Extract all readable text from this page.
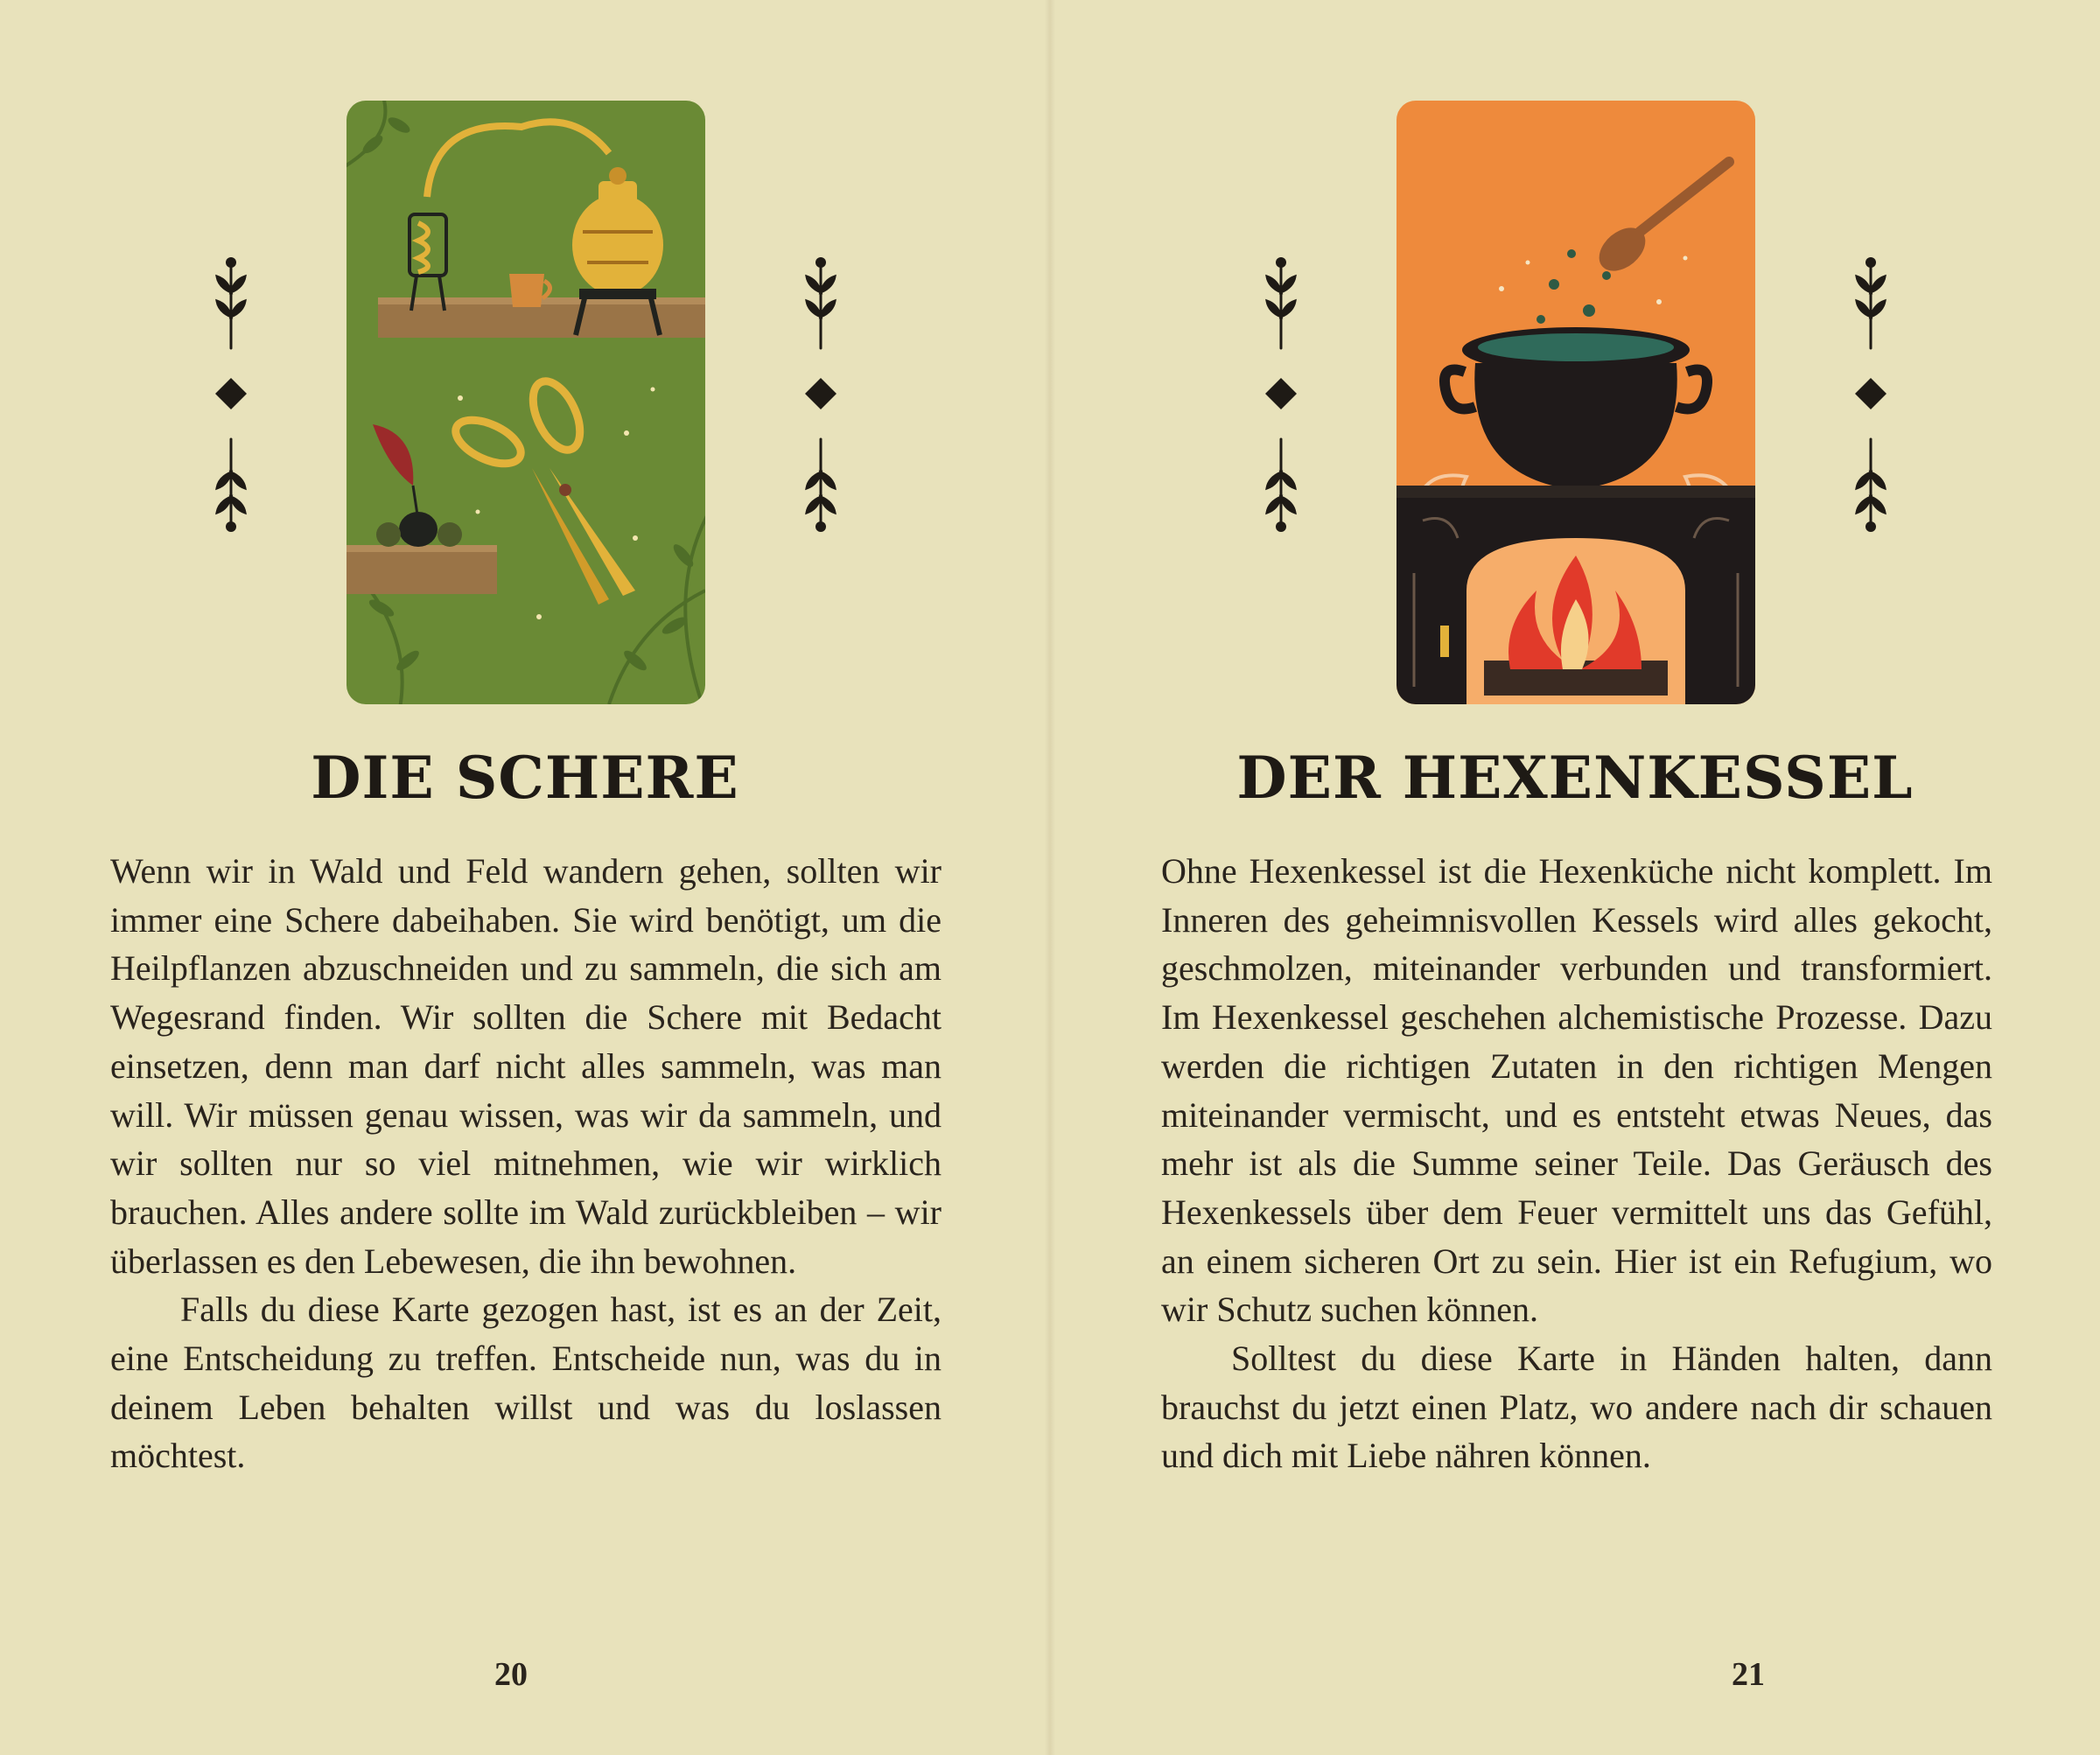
DIE SCHERE

Wenn wir in Wald und Feld wandern gehen, sollten wir immer eine Schere dabeihaben. Sie wird benötigt, um die Heilpflanzen abzuschneiden und zu sammeln, die sich am Wegesrand finden. Wir sollten die Schere mit Bedacht einsetzen, denn man darf nicht alles sammeln, was man will. Wir müssen genau wissen, was wir da sammeln, und wir sollten nur so viel mitnehmen, wie wir wirklich brauchen. Alles andere sollte im Wald zurückbleiben – wir überlassen es den Lebewesen, die ihn bewohnen.

Falls du diese Karte gezogen hast, ist es an der Zeit, eine Entscheidung zu treffen. Entscheide nun, was du in deinem Leben behalten willst und was du loslassen möchtest.

20
DER HEXENKESSEL

Ohne Hexenkessel ist die Hexenküche nicht komplett. Im Inneren des geheimnisvollen Kessels wird alles gekocht, geschmolzen, miteinander verbunden und transformiert. Im Hexenkessel geschehen alchemistische Prozesse. Dazu werden die richtigen Zutaten in den richtigen Mengen miteinander vermischt, und es entsteht etwas Neues, das mehr ist als die Summe seiner Teile. Das Geräusch des Hexenkessels über dem Feuer vermittelt uns das Gefühl, an einem sicheren Ort zu sein. Hier ist ein Refugium, wo wir Schutz suchen können.

Solltest du diese Karte in Händen halten, dann brauchst du jetzt einen Platz, wo andere nach dir schauen und dich mit Liebe nähren können.

21
